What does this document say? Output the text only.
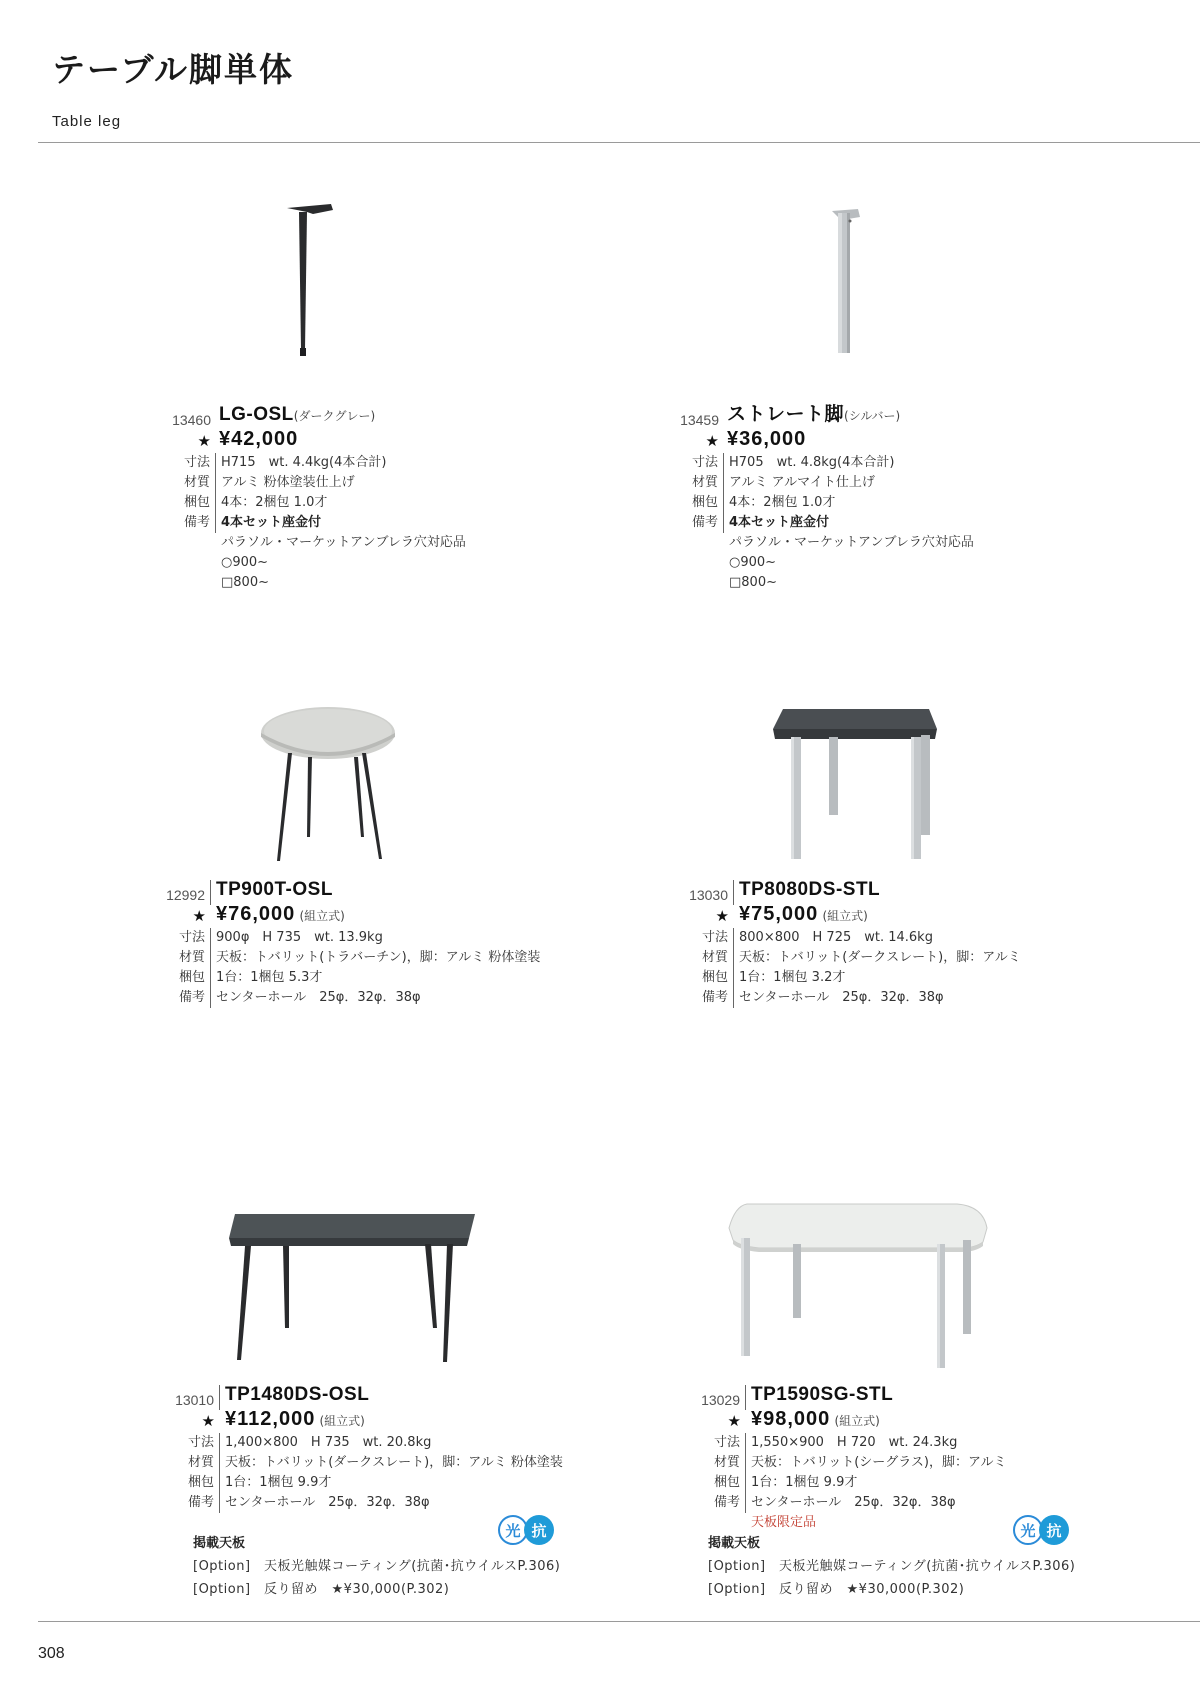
テーブル脚単体
Table leg
13460 LG-OSL(ダークグレー)
★ ¥42,000
寸法 H715　wt. 4.4kg(4本合計)
材質 アルミ 粉体塗装仕上げ
梱包 4本：2梱包 1.0才
備考 4本セット座金付
パラソル・マーケットアンブレラ穴対応品
○900~
□800~
13459 ストレート脚(シルバー)
★ ¥36,000
寸法 H705　wt. 4.8kg(4本合計)
材質 アルミ アルマイト仕上げ
梱包 4本：2梱包 1.0才
備考 4本セット座金付
パラソル・マーケットアンブレラ穴対応品
○900~
□800~
12992 TP900T-OSL
★ ¥76,000 (組立式)
寸法 900φ　H 735　wt. 13.9kg
材質 天板：トバリット(トラバーチン)，脚：アルミ 粉体塗装
梱包 1台：1梱包 5.3才
備考 センターホール　25φ．32φ．38φ
13030 TP8080DS-STL
★ ¥75,000 (組立式)
寸法 800×800　H 725　wt. 14.6kg
材質 天板：トバリット(ダークスレート)，脚：アルミ
梱包 1台：1梱包 3.2才
備考 センターホール　25φ．32φ．38φ
13010 TP1480DS-OSL
★ ¥112,000 (組立式)
寸法 1,400×800　H 735　wt. 20.8kg
材質 天板：トバリット(ダークスレート)，脚：アルミ 粉体塗装
梱包 1台：1梱包 9.9才
備考 センターホール　25φ．32φ．38φ
掲載天板
[Option]　天板光触媒コーティング(抗菌･抗ウイルスP.306)
[Option]　反り留め　★¥30,000(P.302)
光 抗
13029 TP1590SG-STL
★ ¥98,000 (組立式)
寸法 1,550×900　H 720　wt. 24.3kg
材質 天板：トバリット(シーグラス)，脚：アルミ
梱包 1台：1梱包 9.9才
備考 センターホール　25φ．32φ．38φ
天板限定品
掲載天板
[Option]　天板光触媒コーティング(抗菌･抗ウイルスP.306)
[Option]　反り留め　★¥30,000(P.302)
光 抗
308
